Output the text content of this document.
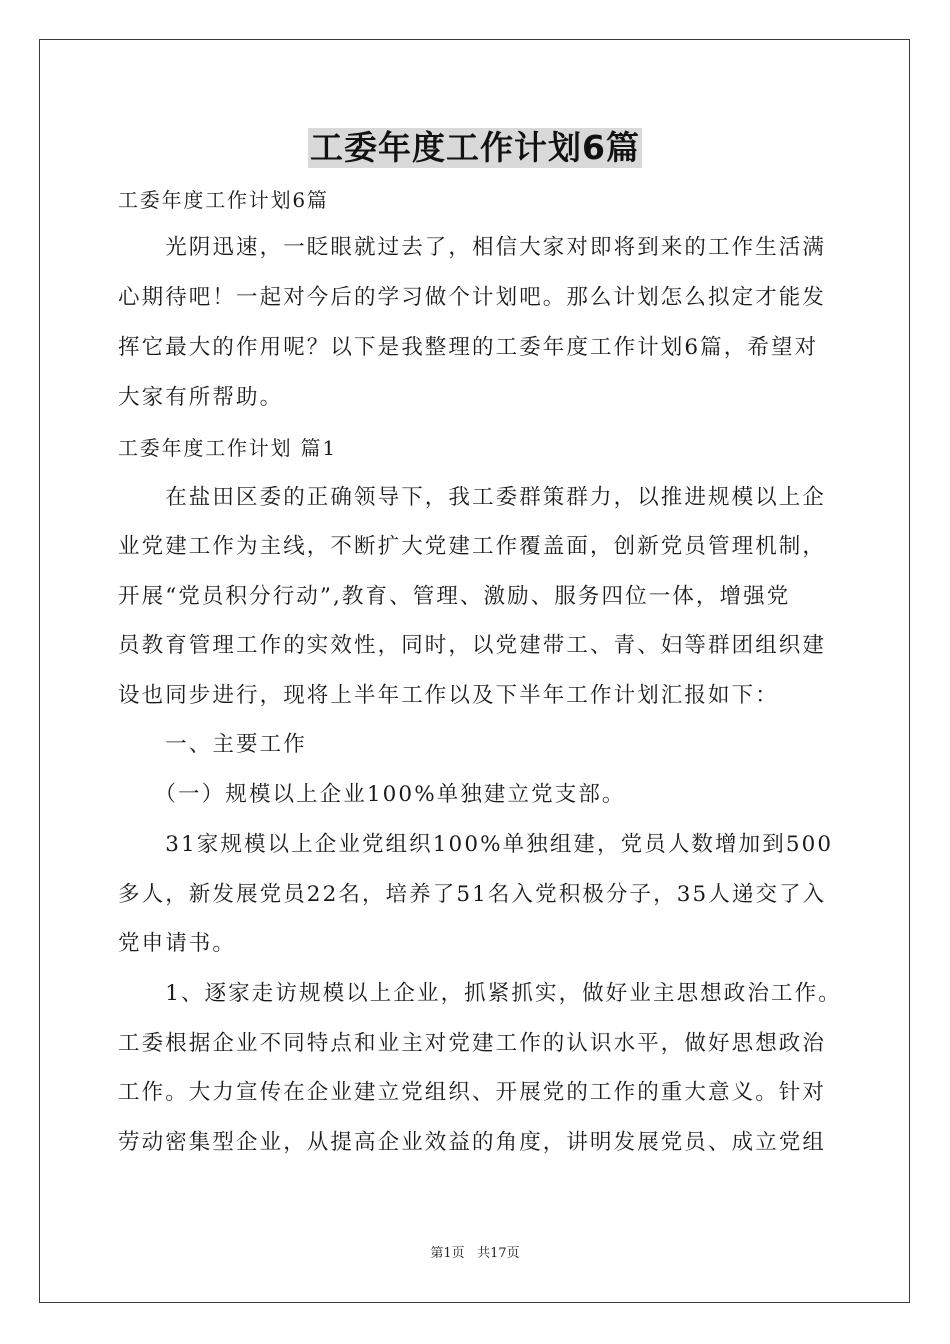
工委年度工作计划6篇

工委年度工作计划6篇

　　光阴迅速，一眨眼就过去了，相信大家对即将到来的工作生活满

心期待吧！一起对今后的学习做个计划吧。那么计划怎么拟定才能发

挥它最大的作用呢？以下是我整理的工委年度工作计划6篇，希望对

大家有所帮助。

工委年度工作计划 篇1

　　在盐田区委的正确领导下，我工委群策群力，以推进规模以上企

业党建工作为主线，不断扩大党建工作覆盖面，创新党员管理机制，

开展“党员积分行动”,教育、管理、激励、服务四位一体，增强党

员教育管理工作的实效性，同时，以党建带工、青、妇等群团组织建

设也同步进行，现将上半年工作以及下半年工作计划汇报如下：

　　一、主要工作

　　（一）规模以上企业100%单独建立党支部。

　　31家规模以上企业党组织100%单独组建，党员人数增加到500

多人，新发展党员22名，培养了51名入党积极分子，35人递交了入

党申请书。

　　1、逐家走访规模以上企业，抓紧抓实，做好业主思想政治工作。

工委根据企业不同特点和业主对党建工作的认识水平，做好思想政治

工作。大力宣传在企业建立党组织、开展党的工作的重大意义。针对

劳动密集型企业，从提高企业效益的角度，讲明发展党员、成立党组

第1页 共17页
